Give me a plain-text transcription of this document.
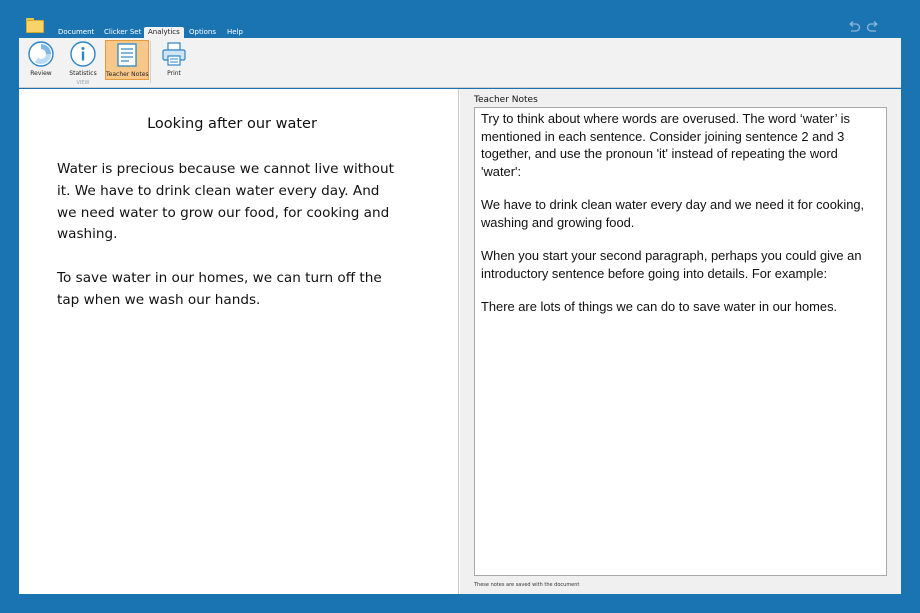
Document Clicker Set Analytics	Options Help
Review	Statistics	Teacher Notes
VIEW
Print
Looking after our water
Water is precious because we cannot live without it. We have to drink clean water every day. And we need water to grow our food, for cooking and washing.
To save water in our homes, we can turn off the tap when we wash our hands.
Teacher Notes

Try to think about where words are overused. The word ‘water’ is mentioned in each sentence. Consider joining sentence 2 and 3 together, and use the pronoun 'it' instead of repeating the word 'water':

We have to drink clean water every day and we need it for cooking, washing and growing food.

When you start your second paragraph, perhaps you could give an introductory sentence before going into details. For example:

There are lots of things we can do to save water in our homes.

These notes are saved with the document
